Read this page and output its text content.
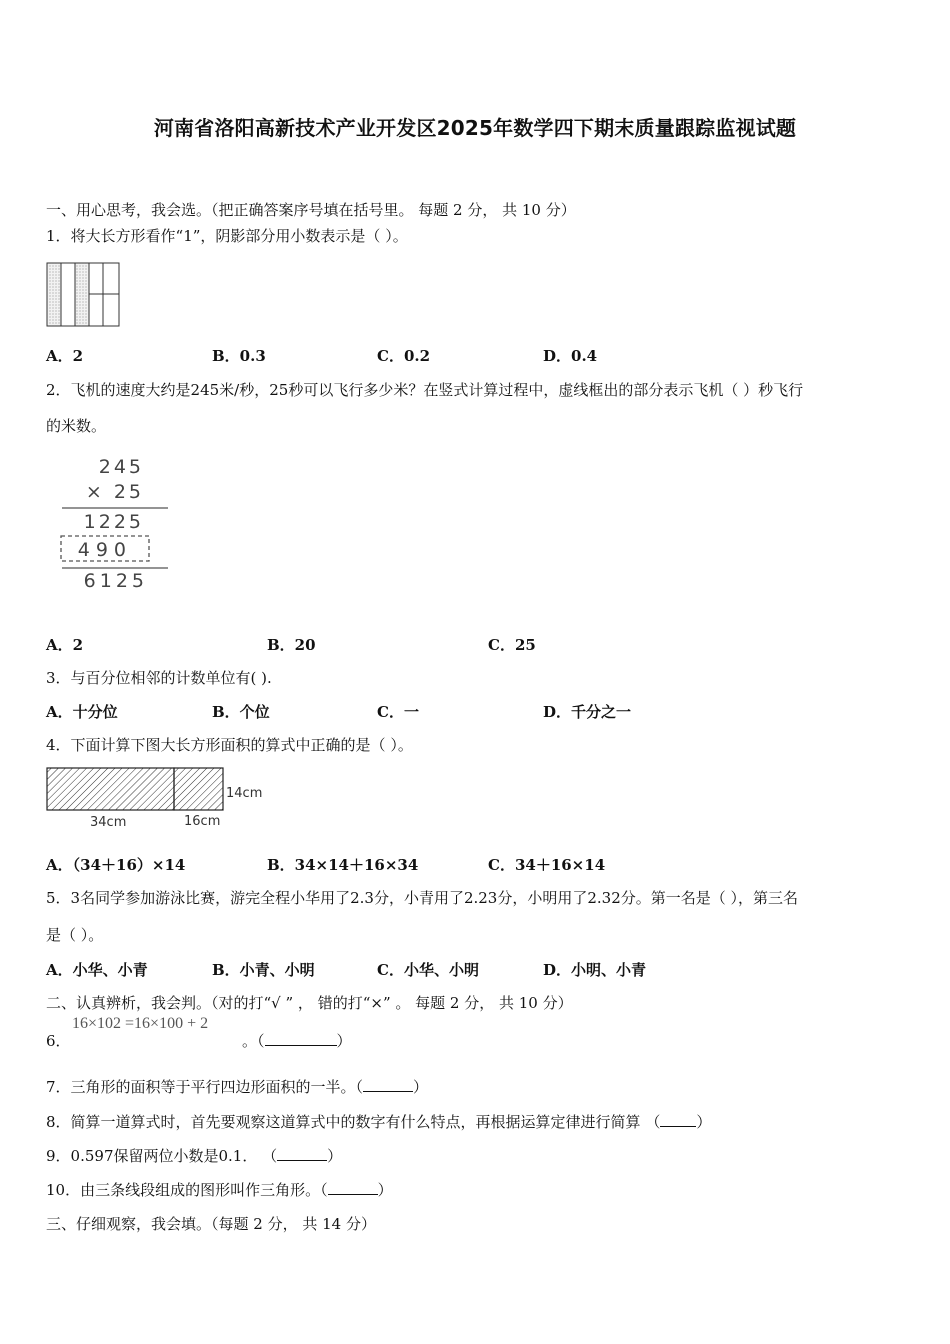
河南省洛阳高新技术产业开发区2025年数学四下期末质量跟踪监视试题
一、用心思考，我会选。（把正确答案序号填在括号里。 每题 2 分， 共 10 分）
1．将大长方形看作“1”，阴影部分用小数表示是（ ）。
A．2	B．0.3	C．0.2	D．0.4
2．飞机的速度大约是245米/秒，25秒可以飞行多少米？在竖式计算过程中，虚线框出的部分表示飞机（ ）秒飞行
的米数。
245
× 25
1225
490
6125
A．2	B．20	C．25
3．与百分位相邻的计数单位有( ).
A．十分位	B．个位	C．一	D．千分之一
4．下面计算下图大长方形面积的算式中正确的是（ ）。
14cm
34cm	16cm
A．（34＋16）×14	B．34×14＋16×34	C．34＋16×14
5．3名同学参加游泳比赛，游完全程小华用了2.3分，小青用了2.23分，小明用了2.32分。第一名是（ ），第三名
是（ ）。
A．小华、小青	B．小青、小明	C．小华、小明	D．小明、小青
二、认真辨析，我会判。（对的打“√ ” ， 错的打“×” 。 每题 2 分， 共 10 分）
6．
16×102 =16×100 + 2
。（	）
7．三角形的面积等于平行四边形面积的一半。（	）
8．简算一道算式时，首先要观察这道算式中的数字有什么特点，再根据运算定律进行简算 （ ）
9．0.597保留两位小数是0.1． （	）
10．由三条线段组成的图形叫作三角形。（	）
三、仔细观察，我会填。（每题 2 分， 共 14 分）
